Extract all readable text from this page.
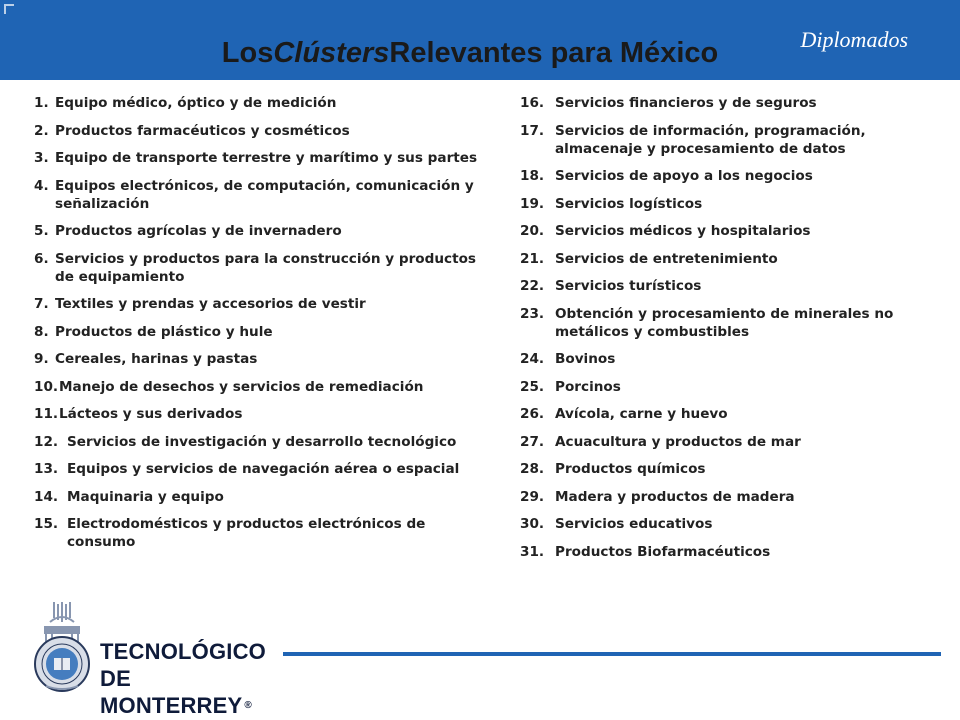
Los Clústers Relevantes para México	Diplomados
1. Equipo médico, óptico y de medición
2. Productos farmacéuticos y cosméticos
3. Equipo de transporte terrestre y marítimo y sus partes
4. Equipos electrónicos, de computación, comunicación y señalización
5. Productos agrícolas y de invernadero
6. Servicios y productos para la construcción y productos de equipamiento
7. Textiles y prendas y accesorios de vestir
8. Productos de plástico y hule
9. Cereales, harinas y pastas
10. Manejo de desechos y servicios de remediación
11. Lácteos y sus derivados
12. Servicios de investigación y desarrollo tecnológico
13. Equipos y servicios de navegación aérea o espacial
14. Maquinaria y equipo
15. Electrodomésticos y productos electrónicos de consumo
16. Servicios financieros y de seguros
17. Servicios de información, programación, almacenaje y procesamiento de datos
18. Servicios de apoyo a los negocios
19. Servicios logísticos
20. Servicios médicos y hospitalarios
21. Servicios de entretenimiento
22. Servicios turísticos
23. Obtención y procesamiento de minerales no metálicos y combustibles
24. Bovinos
25. Porcinos
26. Avícola, carne y huevo
27. Acuacultura y productos de mar
28. Productos químicos
29. Madera y productos de madera
30. Servicios educativos
31. Productos Biofarmacéuticos
TECNOLÓGICO
DE MONTERREY ®
